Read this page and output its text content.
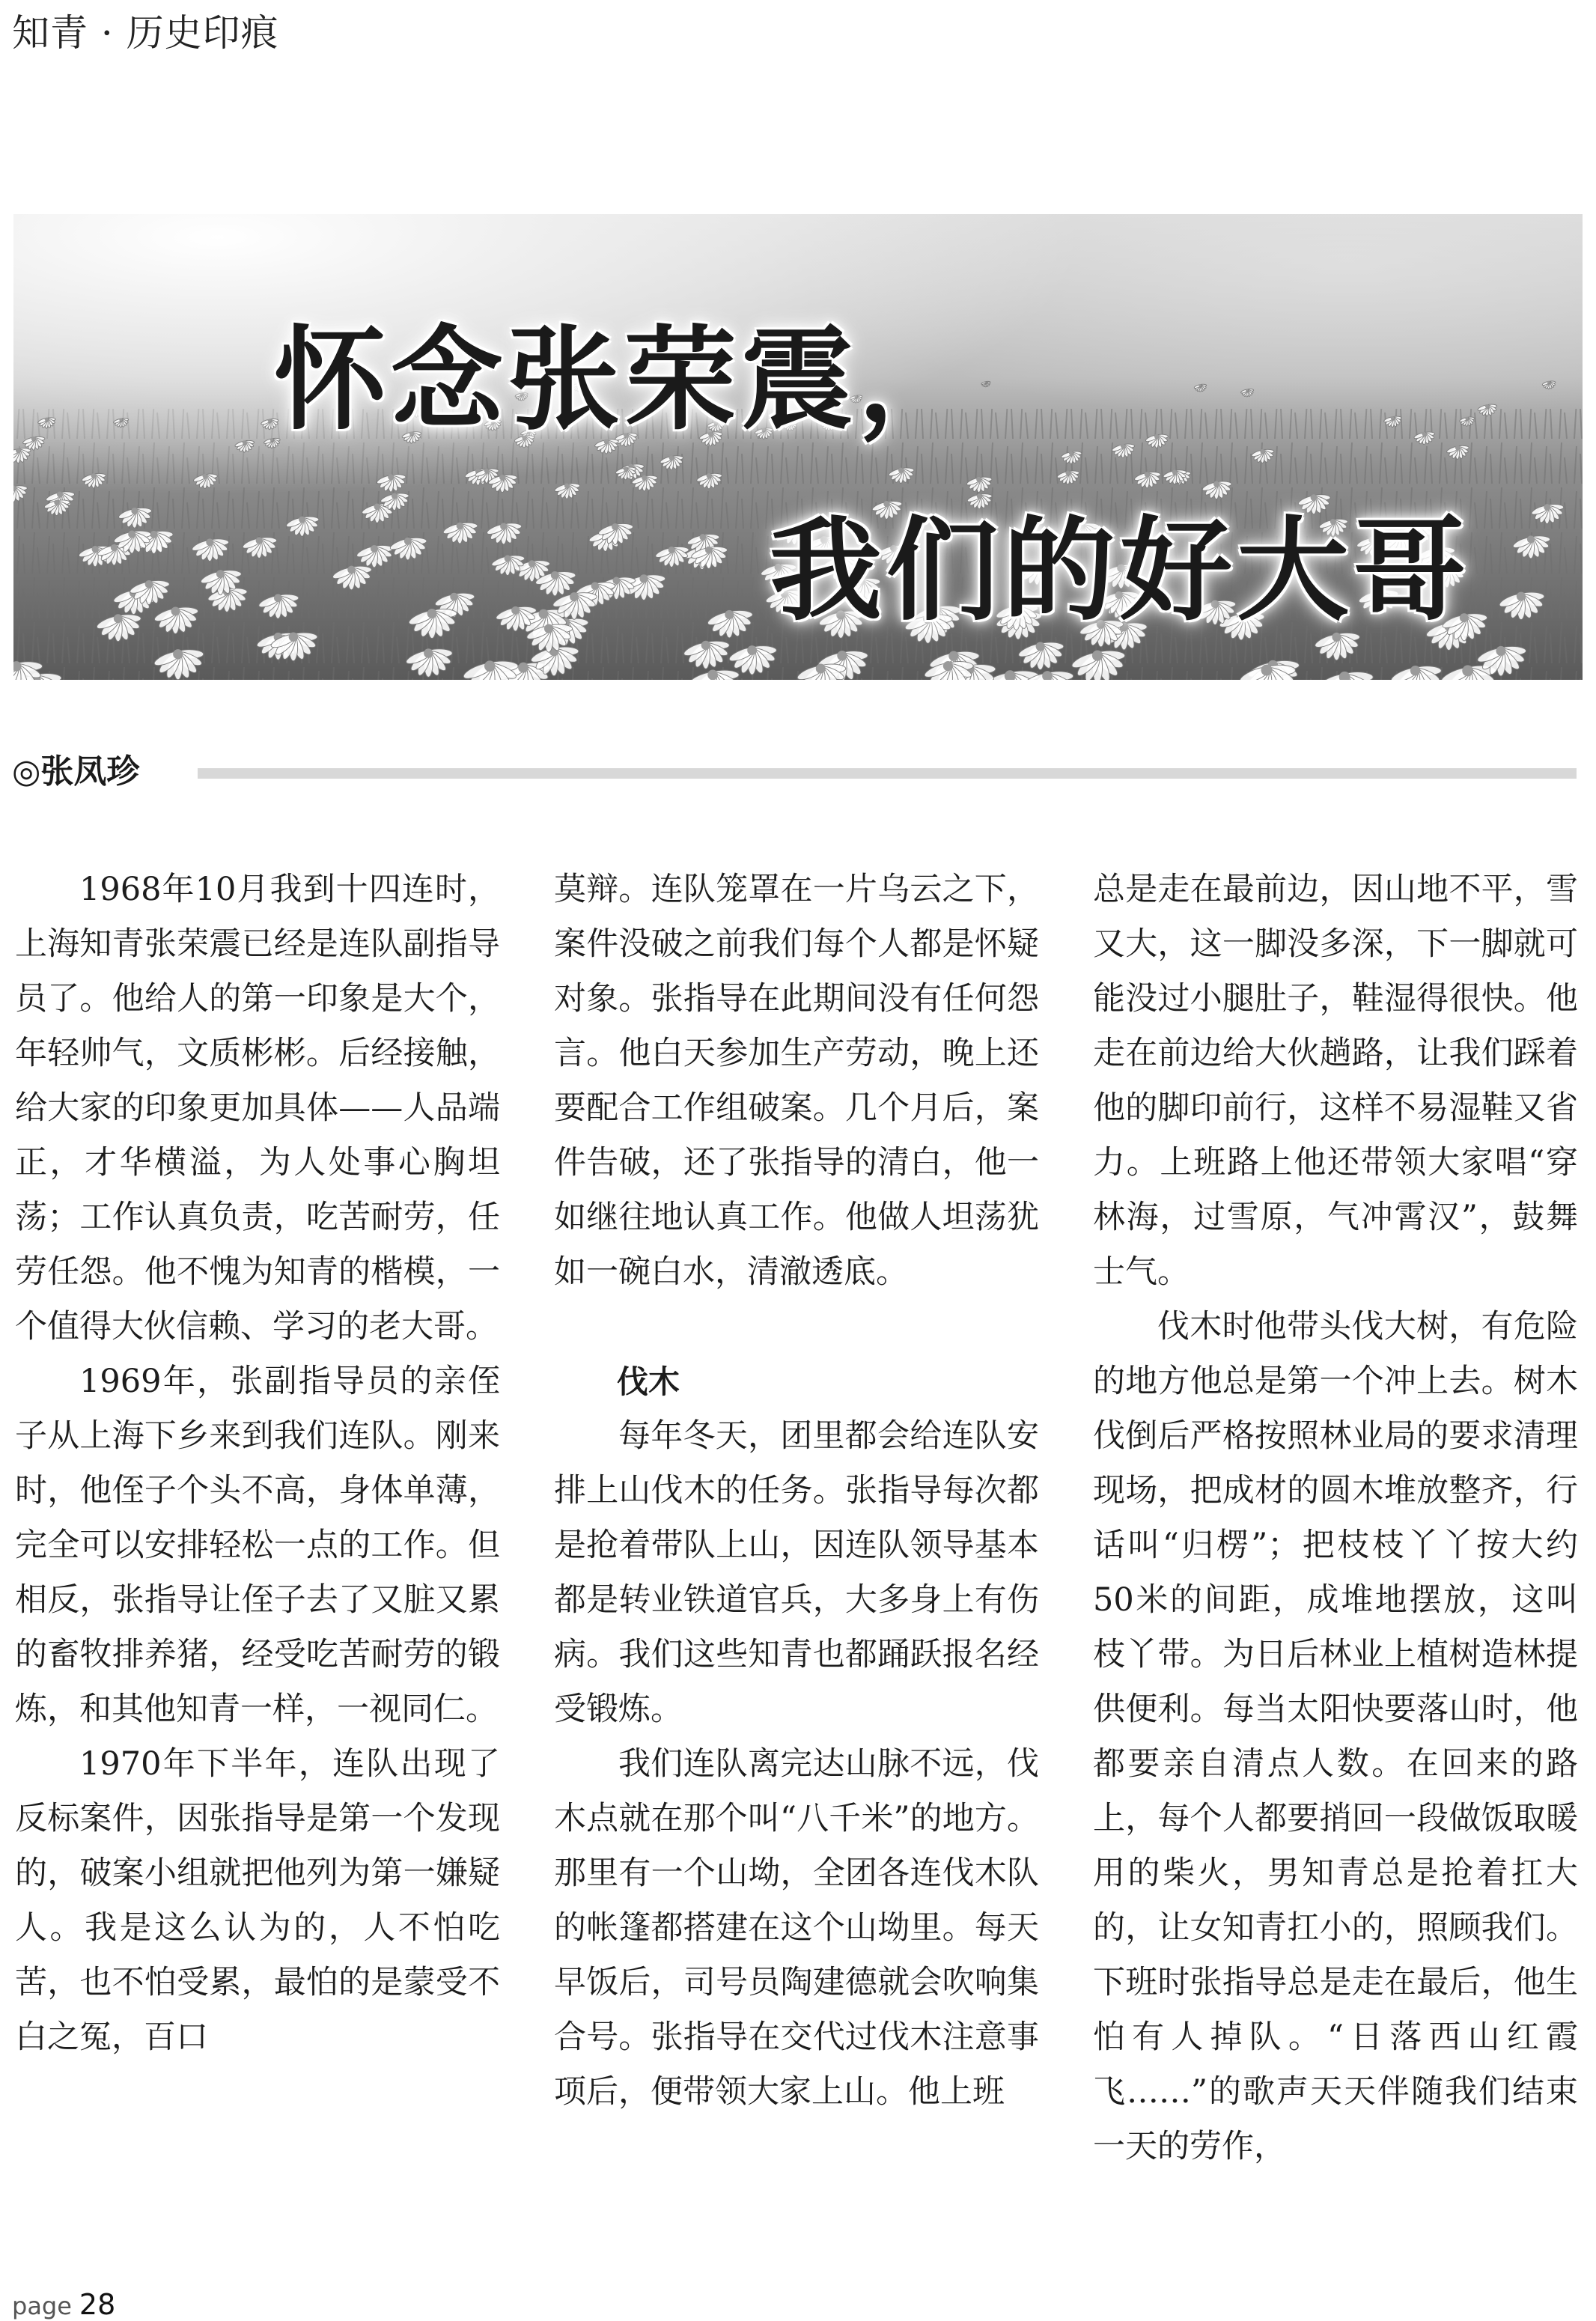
知青 · 历史印痕
怀念张荣震，
我们的好大哥
◎张凤珍

1968年10月我到十四连时，上海知青张荣震已经是连队副指导员了。他给人的第一印象是大个，年轻帅气，文质彬彬。后经接触，给大家的印象更加具体——人品端正，才华横溢，为人处事心胸坦荡；工作认真负责，吃苦耐劳，任劳任怨。他不愧为知青的楷模，一个值得大伙信赖、学习的老大哥。

1969年，张副指导员的亲侄子从上海下乡来到我们连队。刚来时，他侄子个头不高，身体单薄，完全可以安排轻松一点的工作。但相反，张指导让侄子去了又脏又累的畜牧排养猪，经受吃苦耐劳的锻炼，和其他知青一样，一视同仁。

1970年下半年，连队出现了反标案件，因张指导是第一个发现的，破案小组就把他列为第一嫌疑人。我是这么认为的，人不怕吃苦，也不怕受累，最怕的是蒙受不白之冤，百口

莫辩。连队笼罩在一片乌云之下，案件没破之前我们每个人都是怀疑对象。张指导在此期间没有任何怨言。他白天参加生产劳动，晚上还要配合工作组破案。几个月后，案件告破，还了张指导的清白，他一如继往地认真工作。他做人坦荡犹如一碗白水，清澈透底。

伐木

每年冬天，团里都会给连队安排上山伐木的任务。张指导每次都是抢着带队上山，因连队领导基本都是转业铁道官兵，大多身上有伤病。我们这些知青也都踊跃报名经受锻炼。

我们连队离完达山脉不远，伐木点就在那个叫“八千米”的地方。那里有一个山坳，全团各连伐木队的帐篷都搭建在这个山坳里。每天早饭后，司号员陶建德就会吹响集合号。张指导在交代过伐木注意事项后，便带领大家上山。他上班

总是走在最前边，因山地不平，雪又大，这一脚没多深，下一脚就可能没过小腿肚子，鞋湿得很快。他走在前边给大伙趟路，让我们踩着他的脚印前行，这样不易湿鞋又省力。上班路上他还带领大家唱“穿林海，过雪原，气冲霄汉”，鼓舞士气。

伐木时他带头伐大树，有危险的地方他总是第一个冲上去。树木伐倒后严格按照林业局的要求清理现场，把成材的圆木堆放整齐，行话叫“归楞”；把枝枝丫丫按大约50米的间距，成堆地摆放，这叫枝丫带。为日后林业上植树造林提供便利。每当太阳快要落山时，他都要亲自清点人数。在回来的路上，每个人都要捎回一段做饭取暖用的柴火，男知青总是抢着扛大的，让女知青扛小的，照顾我们。下班时张指导总是走在最后，他生怕有人掉队。“日落西山红霞飞……”的歌声天天伴随我们结束一天的劳作，

page 28
